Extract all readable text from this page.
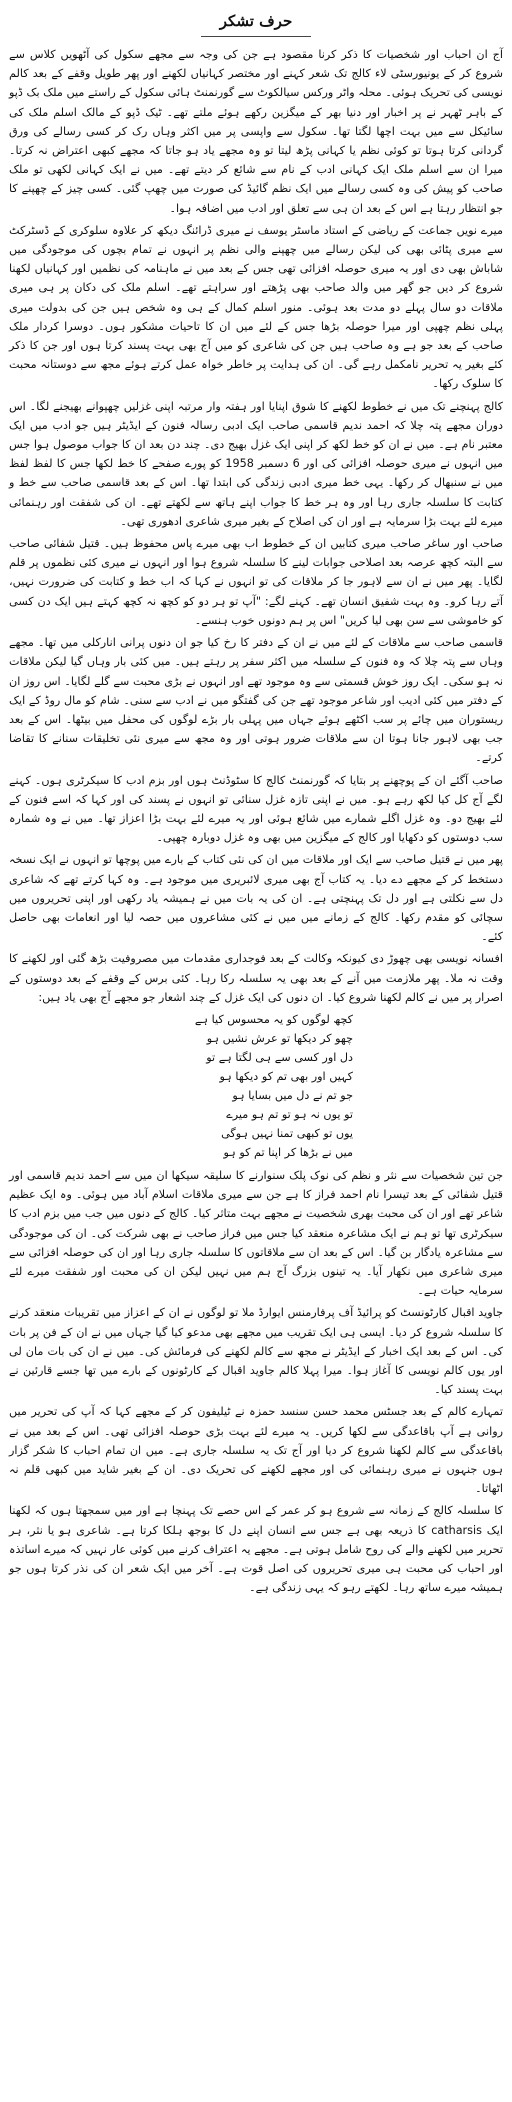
حرف تشکر

آج ان احباب اور شخصیات کا ذکر کرنا مقصود ہے جن کی وجہ سے مجھے سکول کی آٹھویں کلاس سے شروع کر کے یونیورسٹی لاء کالج تک شعر کہنے اور مختصر کہانیاں لکھنے اور پھر طویل وقفے کے بعد کالم نویسی کی تحریک ہوئی۔ محلہ واٹر ورکس سیالکوٹ سے گورنمنٹ ہائی سکول کے راستے میں ملک بک ڈپو کے باہر ٹھہر نے پر اخبار اور دنیا بھر کے میگزین رکھے ہوئے ملتے تھے۔ ٹیک ڈپو کے مالک اسلم ملک کی سائیکل سے میں بہت اچھا لگتا تھا۔ سکول سے واپسی پر میں اکثر وہاں رک کر کسی رسالے کی ورق گردانی کرتا ہوتا تو کوئی نظم یا کہانی پڑھ لیتا تو وہ مجھے یاد ہو جاتا کہ مجھے کبھی اعتراض نہ کرتا۔ میرا ان سے اسلم ملک ایک کہانی ادب کے نام سے شائع کر دیتے تھے۔ میں نے ایک کہانی لکھی تو ملک صاحب کو پیش کی وہ کسی رسالے میں ایک نظم گائیڈ کی صورت میں چھپ گئی۔ کسی چیز کے چھپنے کا جو انتظار رہتا ہے اس کے بعد ان ہی سے تعلق اور ادب میں اضافہ ہوا۔

میرے نویں جماعت کے ریاضی کے استاد ماسٹر یوسف نے میری ڈرائنگ دیکھ کر علاوہ سلوکری کے ڈسٹرکٹ سے میری پٹائی بھی کی لیکن رسالے میں چھپنے والی نظم پر انہوں نے تمام بچوں کی موجودگی میں شاباش بھی دی اور یہ میری حوصلہ افزائی تھی جس کے بعد میں نے ماہنامہ کی نظمیں اور کہانیاں لکھنا شروع کر دیں جو گھر میں والد صاحب بھی پڑھتے اور سراہتے تھے۔ اسلم ملک کی دکان پر ہی میری ملاقات دو سال پہلے دو مدت بعد ہوئی۔ منور اسلم کمال کے ہی وہ شخص ہیں جن کی بدولت میری پہلی نظم چھپی اور میرا حوصلہ بڑھا جس کے لئے میں ان کا تاحیات مشکور ہوں۔ دوسرا کردار ملک صاحب کے بعد جو ہے وہ صاحب ہیں جن کی شاعری کو میں آج بھی بہت پسند کرتا ہوں اور جن کا ذکر کئے بغیر یہ تحریر نامکمل رہے گی۔ ان کی ہدایت پر خاطر خواہ عمل کرتے ہوئے مجھ سے دوستانہ محبت کا سلوک رکھا۔

کالج پہنچنے تک میں نے خطوط لکھنے کا شوق اپنایا اور ہفتہ وار مرتبہ اپنی غزلیں چھپوانے بھیجنے لگا۔ اس دوران مجھے پتہ چلا کہ احمد ندیم قاسمی صاحب ایک ادبی رسالہ فنون کے ایڈیٹر ہیں جو ادب میں ایک معتبر نام ہے۔ میں نے ان کو خط لکھ کر اپنی ایک غزل بھیج دی۔ چند دن بعد ان کا جواب موصول ہوا جس میں انہوں نے میری حوصلہ افزائی کی اور 6 دسمبر 1958 کو پورے صفحے کا خط لکھا جس کا لفظ لفظ میں نے سنبھال کر رکھا۔ یہی خط میری ادبی زندگی کی ابتدا تھا۔ اس کے بعد قاسمی صاحب سے خط و کتابت کا سلسلہ جاری رہا اور وہ ہر خط کا جواب اپنے ہاتھ سے لکھتے تھے۔ ان کی شفقت اور رہنمائی میرے لئے بہت بڑا سرمایہ ہے اور ان کی اصلاح کے بغیر میری شاعری ادھوری تھی۔

صاحب اور ساغر صاحب میری کتابیں ان کے خطوط اب بھی میرے پاس محفوظ ہیں۔ قتیل شفائی صاحب سے البتہ کچھ عرصہ بعد اصلاحی جوابات لینے کا سلسلہ شروع ہوا اور انہوں نے میری کئی نظموں پر قلم لگایا۔ پھر میں نے ان سے لاہور جا کر ملاقات کی تو انہوں نے کہا کہ اب خط و کتابت کی ضرورت نہیں، آتے رہا کرو۔ وہ بہت شفیق انسان تھے۔ کہنے لگے: "آپ تو ہر دو کو کچھ نہ کچھ کہتے ہیں ایک دن کسی کو خاموشی سے سن بھی لیا کریں" اس پر ہم دونوں خوب ہنسے۔

قاسمی صاحب سے ملاقات کے لئے میں نے ان کے دفتر کا رخ کیا جو ان دنوں پرانی انارکلی میں تھا۔ مجھے وہاں سے پتہ چلا کہ وہ فنون کے سلسلہ میں اکثر سفر پر رہتے ہیں۔ میں کئی بار وہاں گیا لیکن ملاقات نہ ہو سکی۔ ایک روز خوش قسمتی سے وہ موجود تھے اور انہوں نے بڑی محبت سے گلے لگایا۔ اس روز ان کے دفتر میں کئی ادیب اور شاعر موجود تھے جن کی گفتگو میں نے ادب سے سنی۔ شام کو مال روڈ کے ایک ریستوران میں چائے پر سب اکٹھے ہوئے جہاں میں پہلی بار بڑے لوگوں کی محفل میں بیٹھا۔ اس کے بعد جب بھی لاہور جانا ہوتا ان سے ملاقات ضرور ہوتی اور وہ مجھ سے میری نئی تخلیقات سنانے کا تقاضا کرتے۔

صاحب آگئے ان کے پوچھنے پر بتایا کہ گورنمنٹ کالج کا سٹوڈنٹ ہوں اور بزم ادب کا سیکرٹری ہوں۔ کہنے لگے آج کل کیا لکھ رہے ہو۔ میں نے اپنی تازہ غزل سنائی تو انہوں نے پسند کی اور کہا کہ اسے فنون کے لئے بھیج دو۔ وہ غزل اگلے شمارے میں شائع ہوئی اور یہ میرے لئے بہت بڑا اعزاز تھا۔ میں نے وہ شمارہ سب دوستوں کو دکھایا اور کالج کے میگزین میں بھی وہ غزل دوبارہ چھپی۔

پھر میں نے قتیل صاحب سے ایک اور ملاقات میں ان کی نئی کتاب کے بارے میں پوچھا تو انہوں نے ایک نسخہ دستخط کر کے مجھے دے دیا۔ یہ کتاب آج بھی میری لائبریری میں موجود ہے۔ وہ کہا کرتے تھے کہ شاعری دل سے نکلتی ہے اور دل تک پہنچتی ہے۔ ان کی یہ بات میں نے ہمیشہ یاد رکھی اور اپنی تحریروں میں سچائی کو مقدم رکھا۔ کالج کے زمانے میں میں نے کئی مشاعروں میں حصہ لیا اور انعامات بھی حاصل کئے۔

افسانہ نویسی بھی چھوڑ دی کیونکہ وکالت کے بعد فوجداری مقدمات میں مصروفیت بڑھ گئی اور لکھنے کا وقت نہ ملا۔ پھر ملازمت میں آنے کے بعد بھی یہ سلسلہ رکا رہا۔ کئی برس کے وقفے کے بعد دوستوں کے اصرار پر میں نے کالم لکھنا شروع کیا۔ ان دنوں کی ایک غزل کے چند اشعار جو مجھے آج بھی یاد ہیں:

کچھ لوگوں کو یہ محسوس کیا ہے
چھو کر دیکھا تو عرش نشیں ہو
دل اور کسی سے ہی لگتا ہے تو
کہیں اور بھی تم کو دیکھا ہو
جو تم نے دل میں بسایا ہو
تو یوں نہ ہو تو تم ہو میرے
یوں تو کبھی تمنا نہیں ہوگی
میں نے بڑھا کر اپنا تم کو ہو

جن تین شخصیات سے نثر و نظم کی نوک پلک سنوارنے کا سلیقہ سیکھا ان میں سے احمد ندیم قاسمی اور قتیل شفائی کے بعد تیسرا نام احمد فراز کا ہے جن سے میری ملاقات اسلام آباد میں ہوئی۔ وہ ایک عظیم شاعر تھے اور ان کی محبت بھری شخصیت نے مجھے بہت متاثر کیا۔ کالج کے دنوں میں جب میں بزم ادب کا سیکرٹری تھا تو ہم نے ایک مشاعرہ منعقد کیا جس میں فراز صاحب نے بھی شرکت کی۔ ان کی موجودگی سے مشاعرہ یادگار بن گیا۔ اس کے بعد ان سے ملاقاتوں کا سلسلہ جاری رہا اور ان کی حوصلہ افزائی سے میری شاعری میں نکھار آیا۔ یہ تینوں بزرگ آج ہم میں نہیں لیکن ان کی محبت اور شفقت میرے لئے سرمایہ حیات ہے۔

جاوید اقبال کارٹونسٹ کو پرائیڈ آف پرفارمنس ایوارڈ ملا تو لوگوں نے ان کے اعزاز میں تقریبات منعقد کرنے کا سلسلہ شروع کر دیا۔ ایسی ہی ایک تقریب میں مجھے بھی مدعو کیا گیا جہاں میں نے ان کے فن پر بات کی۔ اس کے بعد ایک اخبار کے ایڈیٹر نے مجھ سے کالم لکھنے کی فرمائش کی۔ میں نے ان کی بات مان لی اور یوں کالم نویسی کا آغاز ہوا۔ میرا پہلا کالم جاوید اقبال کے کارٹونوں کے بارے میں تھا جسے قارئین نے بہت پسند کیا۔

تمہارے کالم کے بعد جسٹس محمد حسن سنسد حمزہ نے ٹیلیفون کر کے مجھے کہا کہ آپ کی تحریر میں روانی ہے آپ باقاعدگی سے لکھا کریں۔ یہ میرے لئے بہت بڑی حوصلہ افزائی تھی۔ اس کے بعد میں نے باقاعدگی سے کالم لکھنا شروع کر دیا اور آج تک یہ سلسلہ جاری ہے۔ میں ان تمام احباب کا شکر گزار ہوں جنہوں نے میری رہنمائی کی اور مجھے لکھنے کی تحریک دی۔ ان کے بغیر شاید میں کبھی قلم نہ اٹھاتا۔

کا سلسلہ کالج کے زمانہ سے شروع ہو کر عمر کے اس حصے تک پہنچا ہے اور میں سمجھتا ہوں کہ لکھنا ایک catharsis کا ذریعہ بھی ہے جس سے انسان اپنے دل کا بوجھ ہلکا کرتا ہے۔ شاعری ہو یا نثر، ہر تحریر میں لکھنے والے کی روح شامل ہوتی ہے۔ مجھے یہ اعتراف کرنے میں کوئی عار نہیں کہ میرے اساتذہ اور احباب کی محبت ہی میری تحریروں کی اصل قوت ہے۔ آخر میں ایک شعر ان کی نذر کرتا ہوں جو ہمیشہ میرے ساتھ رہا۔ لکھتے رہو کہ یہی زندگی ہے۔
